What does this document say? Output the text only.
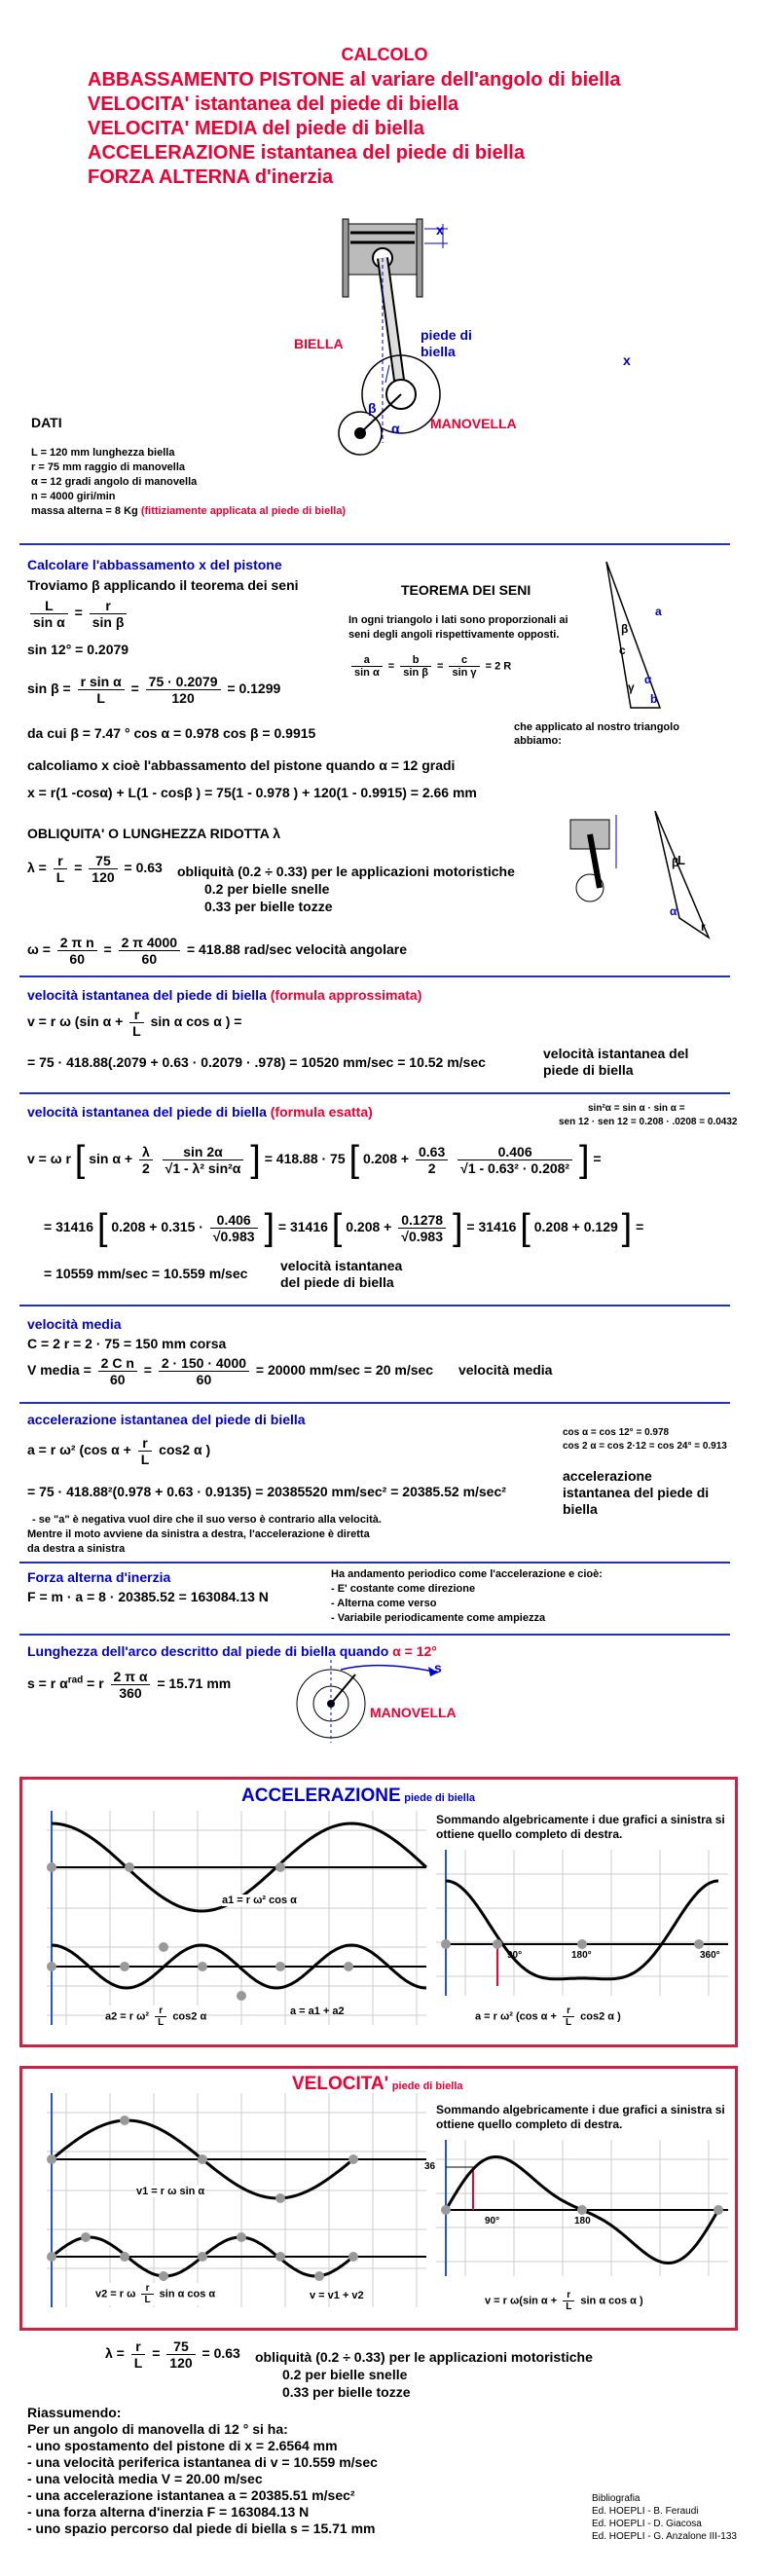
CALCOLO
ABBASSAMENTO PISTONE al variare dell'angolo di biella
VELOCITA' istantanea del piede di biella
VELOCITA' MEDIA del piede di biella
ACCELERAZIONE istantanea del piede di biella
FORZA ALTERNA d'inerzia
x
β
α
BIELLA
piede di biella
MANOVELLA
x
DATI
L = 120 mm lunghezza biella
r = 75 mm raggio di manovella
α = 12 gradi angolo di manovella
n = 4000 giri/min
massa alterna = 8 Kg (fittiziamente applicata al piede di biella)
Calcolare l'abbassamento x del pistone
Troviamo β applicando il teorema dei seni
$\frac{L}{\text{sin α}} = \frac{r}{\text{sin β}}$
sin 12° = 0.2079
$\sin \beta = \frac{\text{r sin α}}{L} = \frac{75 \cdot 0.2079}{120} = 0.1299$
da cui β = 7.47 ° cos α = 0.978 cos β = 0.9915	che applicato al nostro triangolo abbiamo:
calcoliamo x cioè l'abbassamento del pistone quando α = 12 gradi
x = r(1 -cosα) + L(1 - cosβ ) = 75(1 - 0.978 ) + 120(1 - 0.9915) = 2.66 mm
TEOREMA DEI SENI
In ogni triangolo i lati sono proporzionali ai seni degli angoli rispettivamente opposti.
$\frac{a}{\text{sin α}} = \frac{b}{\text{sin β}} = \frac{c}{\text{sin γ}} = 2$ R
a
c
b
β
γ
α
OBLIQUITA' O LUNGHEZZA RIDOTTA λ
$\lambda = \frac{r}{L} = \frac{75}{120} = 0.63$ obliquità (0.2 ÷ 0.33) per le applicazioni motoristiche
0.2 per bielle snelle
0.33 per bielle tozze
$\omega = \frac{\text{2 π n}}{60} = \frac{2 \pi 4000}{60} = 418.88$ rad/sec velocità angolare
L
r
β
α
velocità istantanea del piede di biella (formula approssimata)
v = r ω (sin $\alpha + \frac{r}{L}$ sin α cos α ) =
= 75 · 418.88(.2079 + 0.63 · 0.2079 · .978) = 10520 mm/sec = 10.52 m/sec
velocità istantanea del piede di biella
velocità istantanea del piede di biella (formula esatta)	sin²α = sin α · sin α =
sen 12 · sen 12 = 0.208 · .0208 = 0.0432
v = ω r [ $\sin \alpha + \frac{\lambda}{2}$
$\frac{\sin 2\alpha}{\text{√1 - λ² sin²α}}$ ] = 418.88 · 75 [ $0.208 + \frac{0.63}{2}$
$\frac{0.406}{\text{√1 - 0.63² · 0.208²}}$ ] =
= 31416 [ $0.208 + 0.315 \cdot \frac{0.406}{√0.983}$ ] = 31416 [ $0.208 + \frac{0.1278}{√0.983}$ ] = 31416 [ 0.208 + 0.129 ] =
= 10559 mm/sec = 10.559 m/sec velocità istantanea del piede di biella
velocità media
C = 2 r = 2 · 75 = 150 mm corsa
V media = $\frac{\text{2 C n}}{60} = \frac{2 \cdot 150 \cdot 4000}{60} = 20000$ mm/sec = 20 m/sec velocità media
accelerazione istantanea del piede di biella
cos α = cos 12° = 0.978
cos 2 α = cos 2·12 = cos 24° = 0.913
a = r ω² (cos $\alpha + \frac{r}{L} \cos 2$ α )
= 75 · 418.88²(0.978 + 0.63 · 0.9135) = 20385520 mm/sec² = 20385.52 m/sec²
accelerazione istantanea del piede di biella
- se "a" è negativa vuol dire che il suo verso è contrario alla velocità.
Mentre il moto avviene da sinistra a destra, l'accelerazione è diretta
da destra a sinistra
Forza alterna d'inerzia
F = m · a = 8 · 20385.52 = 163084.13 N
Ha andamento periodico come l'accelerazione e cioè:
- E' costante come direzione
- Alterna come verso
- Variabile periodicamente come ampiezza
Lunghezza dell'arco descritto dal piede di biella quando α = 12°
s = r $\alpha^{rad} = r \frac{\text{2 π α}}{360} = 15.71$ mm
s
MANOVELLA
ACCELERAZIONE piede di biella
Sommando algebricamente i due grafici a sinistra si ottiene quello completo di destra.
a1 = r ω² cos α
a2 = r $\omega^2 \frac{r}{L} \cos 2$ α	a = a1 + a2
90°	180°	360°
a = r ω² (cos $\alpha + \frac{r}{L} \cos 2$ α )
VELOCITA' piede di biella
Sommando algebricamente i due grafici a sinistra si ottiene quello completo di destra.
v1 = r ω sin α
v2 = r ω $\frac{r}{L}$ sin α cos α	v = v1 + v2
36
90°	180
v = r ω(sin $\alpha + \frac{r}{L}$ sin α cos α )
$\lambda = \frac{r}{L} = \frac{75}{120} = 0.63$ obliquità (0.2 ÷ 0.33) per le applicazioni motoristiche
0.2 per bielle snelle
0.33 per bielle tozze
Riassumendo:
Per un angolo di manovella di 12 ° si ha:
- uno spostamento del pistone di x = 2.6564 mm
- una velocità periferica istantanea di v = 10.559 m/sec
- una velocità media V = 20.00 m/sec
- una accelerazione istantanea a = 20385.51 m/sec²
- una forza alterna d'inerzia F = 163084.13 N
- uno spazio percorso dal piede di biella s = 15.71 mm
Bibliografia
Ed. HOEPLI - B. Feraudi
Ed. HOEPLI - D. Giacosa
Ed. HOEPLI - G. Anzalone III-133
